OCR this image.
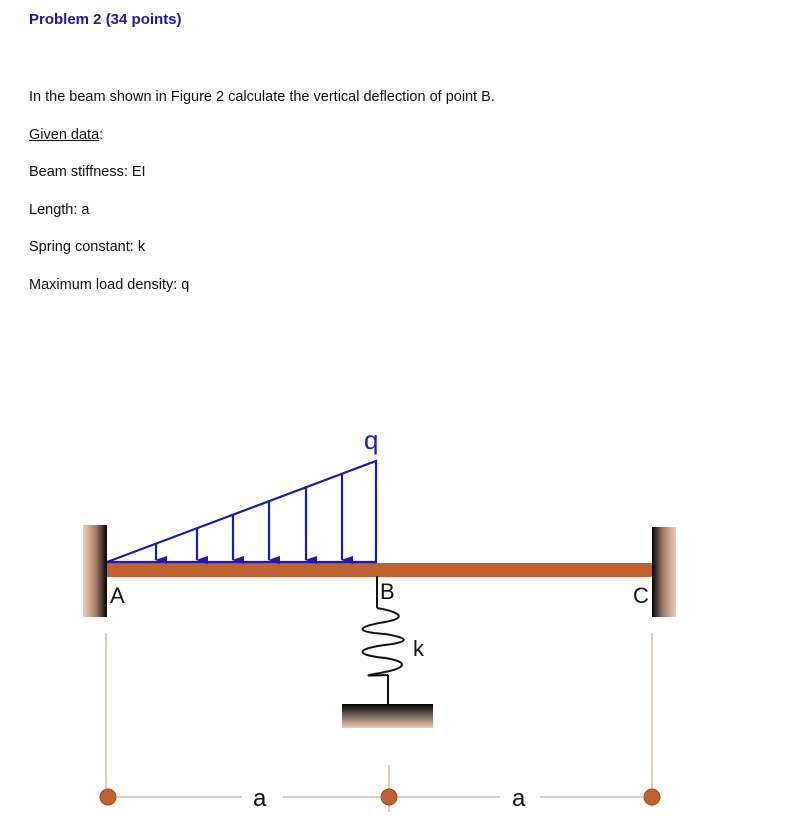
Problem 2 (34 points)
In the beam shown in Figure 2 calculate the vertical deflection of point B.
Given data:
Beam stiffness: EI
Length: a
Spring constant: k
Maximum load density: q
a	a
q
A	B	C
k
